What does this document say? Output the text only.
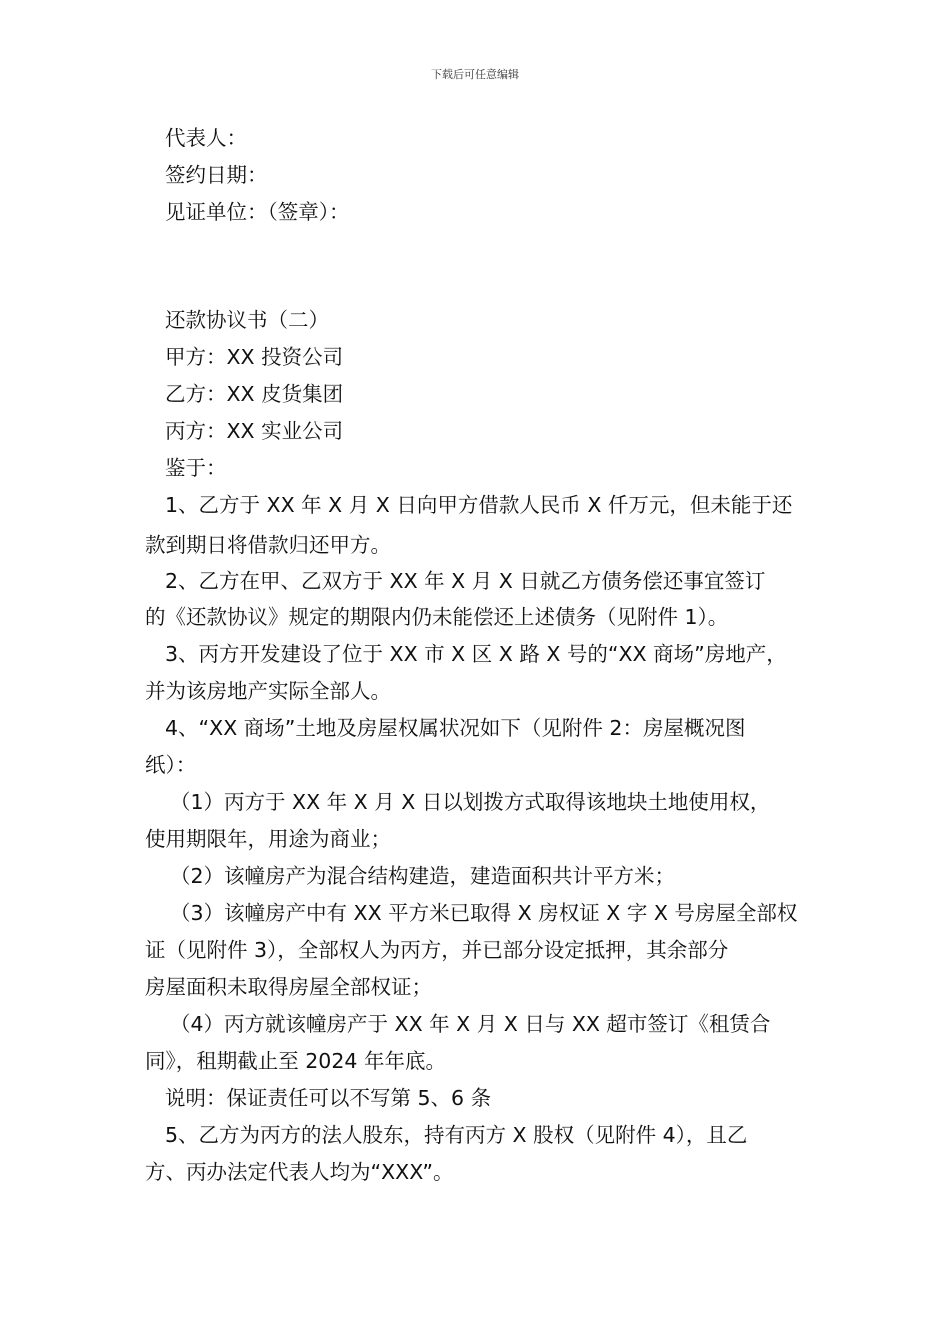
下载后可任意编辑
代表人：
签约日期：
见证单位：（签章）：
还款协议书（二）
甲方：XX 投资公司
乙方：XX 皮货集团
丙方：XX 实业公司
鉴于：
1、乙方于 XX 年 X 月 X 日向甲方借款人民币 X 仟万元，但未能于还
款到期日将借款归还甲方。
2、乙方在甲、乙双方于 XX 年 X 月 X 日就乙方债务偿还事宜签订
的《还款协议》规定的期限内仍未能偿还上述债务（见附件 1）。
3、丙方开发建设了位于 XX 市 X 区 X 路 X 号的“XX 商场”房地产，
并为该房地产实际全部人。
4、“XX 商场”土地及房屋权属状况如下（见附件 2：房屋概况图
纸）：
（1）丙方于 XX 年 X 月 X 日以划拨方式取得该地块土地使用权，
使用期限年，用途为商业；
（2）该幢房产为混合结构建造，建造面积共计平方米；
（3）该幢房产中有 XX 平方米已取得 X 房权证 X 字 X 号房屋全部权
证（见附件 3），全部权人为丙方，并已部分设定抵押，其余部分
房屋面积未取得房屋全部权证；
（4）丙方就该幢房产于 XX 年 X 月 X 日与 XX 超市签订《租赁合
同》，租期截止至 2024 年年底。
说明：保证责任可以不写第 5、6 条
5、乙方为丙方的法人股东，持有丙方 X 股权（见附件 4），且乙
方、丙办法定代表人均为“XXX”。
